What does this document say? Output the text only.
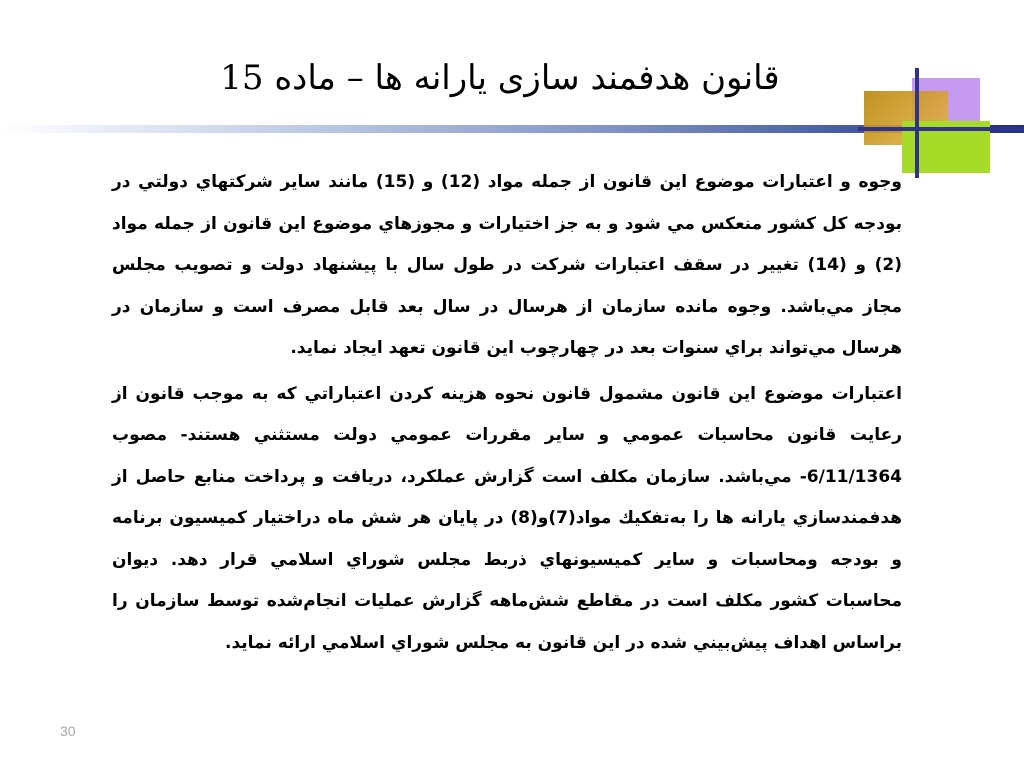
قانون هدفمند سازی یارانه ها – ماده 15

وجوه و اعتبارات موضوع اين قانون از جمله مواد (12) و (15) مانند ساير شركتهاي دولتي در بودجه كل كشور منعكس مي شود و به جز اختيارات و مجوزهاي موضوع اين قانون از جمله مواد (2) و (14) تغيير در سقف اعتبارات شركت در طول سال با پيشنهاد دولت و تصويب مجلس مجاز مي‌باشد. وجوه مانده سازمان از هرسال در سال بعد قابل مصرف است و سازمان در هرسال مي‌تواند براي سنوات بعد در چهارچوب اين قانون تعهد ايجاد نمايد.

اعتبارات موضوع اين قانون مشمول قانون نحوه هزينه كردن اعتباراتي كه به موجب قانون از رعايت قانون محاسبات عمومي و ساير مقررات عمومي دولت مستثني هستند- مصوب 6/11/1364- مي‌باشد. سازمان مكلف است گزارش عملكرد، دريافت و پرداخت منابع حاصل از هدفمندسازي يارانه ها را به‌تفكيك مواد(7)و(8) در پايان هر شش ماه دراختيار كميسيون برنامه و بودجه ومحاسبات و ساير كميسيونهاي ذربط مجلس شوراي اسلامي قرار دهد. ديوان محاسبات كشور مكلف است در مقاطع شش‌ماهه گزارش عمليات انجام‌شده توسط سازمان را براساس اهداف پيش‌بيني شده در اين قانون به مجلس شوراي اسلامي ارائه نمايد.

30
